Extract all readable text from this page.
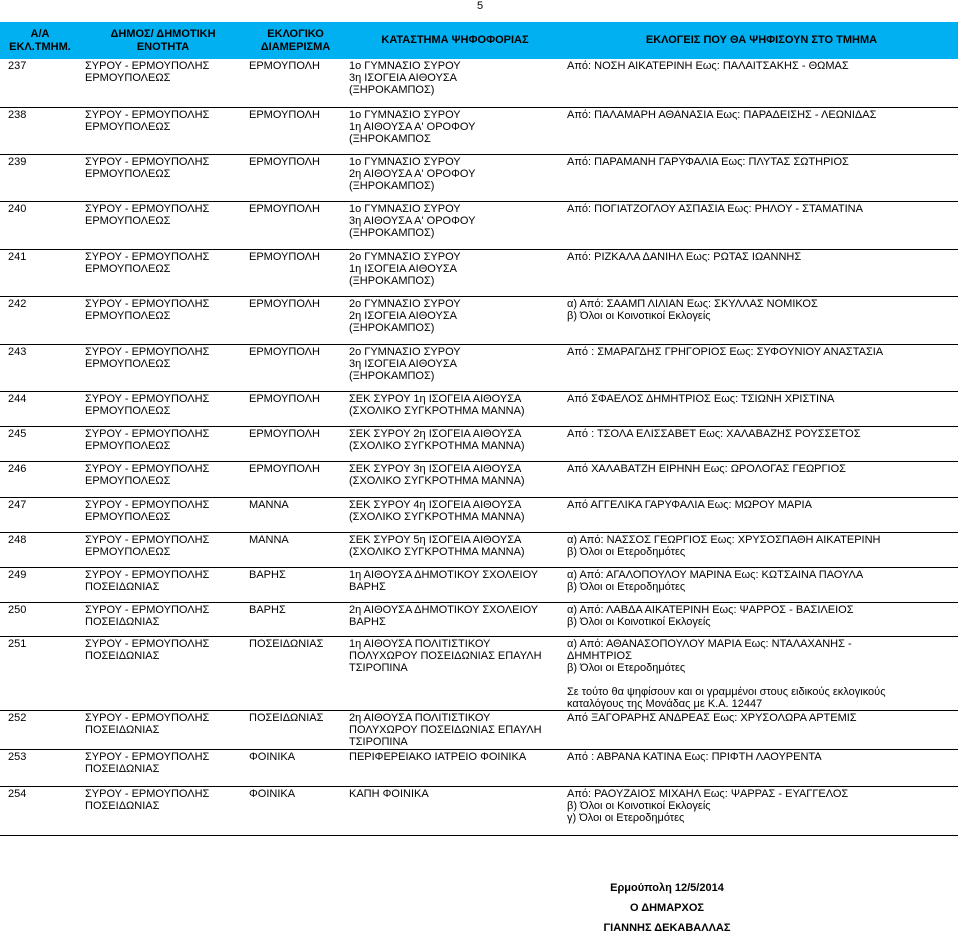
5
Α/Α
ΕΚΛ.ΤΜΗΜ.	ΔΗΜΟΣ/ ΔΗΜΟΤΙΚΗ
ΕΝΟΤΗΤΑ	ΕΚΛΟΓΙΚΟ
ΔΙΑΜΕΡΙΣΜΑ	ΚΑΤΑΣΤΗΜΑ ΨΗΦΟΦΟΡΙΑΣ	ΕΚΛΟΓΕΙΣ ΠΟΥ ΘΑ ΨΗΦΙΣΟΥΝ ΣΤΟ ΤΜΗΜΑ
237	ΣΥΡΟΥ - ΕΡΜΟΥΠΟΛΗΣ
ΕΡΜΟΥΠΟΛΕΩΣ	ΕΡΜΟΥΠΟΛΗ	1ο ΓΥΜΝΑΣΙΟ ΣΥΡΟΥ
3η ΙΣΟΓΕΙΑ ΑΙΘΟΥΣΑ
(ΞΗΡΟΚΑΜΠΟΣ)	Από: ΝΟΣΗ ΑΙΚΑΤΕΡΙΝΗ Εως: ΠΑΛΑΙΤΣΑΚΗΣ - ΘΩΜΑΣ

238	ΣΥΡΟΥ - ΕΡΜΟΥΠΟΛΗΣ
ΕΡΜΟΥΠΟΛΕΩΣ	ΕΡΜΟΥΠΟΛΗ	1ο ΓΥΜΝΑΣΙΟ ΣΥΡΟΥ
1η ΑΙΘΟΥΣΑ Α' ΟΡΟΦΟΥ
(ΞΗΡΟΚΑΜΠΟΣ	Από: ΠΑΛΑΜΑΡΗ ΑΘΑΝΑΣΙΑ Εως: ΠΑΡΑΔΕΙΣΗΣ - ΛΕΩΝΙΔΑΣ

239	ΣΥΡΟΥ - ΕΡΜΟΥΠΟΛΗΣ
ΕΡΜΟΥΠΟΛΕΩΣ	ΕΡΜΟΥΠΟΛΗ	1ο ΓΥΜΝΑΣΙΟ ΣΥΡΟΥ
2η ΑΙΘΟΥΣΑ Α' ΟΡΟΦΟΥ
(ΞΗΡΟΚΑΜΠΟΣ)	Από: ΠΑΡΑΜΑΝΗ ΓΑΡΥΦΑΛΙΑ Εως: ΠΛΥΤΑΣ ΣΩΤΗΡΙΟΣ

240	ΣΥΡΟΥ - ΕΡΜΟΥΠΟΛΗΣ
ΕΡΜΟΥΠΟΛΕΩΣ	ΕΡΜΟΥΠΟΛΗ	1ο ΓΥΜΝΑΣΙΟ ΣΥΡΟΥ
3η ΑΙΘΟΥΣΑ Α' ΟΡΟΦΟΥ
(ΞΗΡΟΚΑΜΠΟΣ)	Από: ΠΟΓΙΑΤΖΟΓΛΟΥ ΑΣΠΑΣΙΑ Εως: ΡΗΛΟΥ - ΣΤΑΜΑΤΙΝΑ

241	ΣΥΡΟΥ - ΕΡΜΟΥΠΟΛΗΣ
ΕΡΜΟΥΠΟΛΕΩΣ	ΕΡΜΟΥΠΟΛΗ	2ο ΓΥΜΝΑΣΙΟ ΣΥΡΟΥ
1η ΙΣΟΓΕΙΑ ΑΙΘΟΥΣΑ
(ΞΗΡΟΚΑΜΠΟΣ)	Από: ΡΙΖΚΑΛΑ ΔΑΝΙΗΛ Εως: ΡΩΤΑΣ ΙΩΑΝΝΗΣ

242	ΣΥΡΟΥ - ΕΡΜΟΥΠΟΛΗΣ
ΕΡΜΟΥΠΟΛΕΩΣ	ΕΡΜΟΥΠΟΛΗ	2ο ΓΥΜΝΑΣΙΟ ΣΥΡΟΥ
2η ΙΣΟΓΕΙΑ ΑΙΘΟΥΣΑ
(ΞΗΡΟΚΑΜΠΟΣ)	α) Από: ΣΑΑΜΠ ΛΙΛΙΑΝ Εως: ΣΚΥΛΛΑΣ ΝΟΜΙΚΟΣ
β) Όλοι οι Κοινοτικοί Εκλογείς

243	ΣΥΡΟΥ - ΕΡΜΟΥΠΟΛΗΣ
ΕΡΜΟΥΠΟΛΕΩΣ	ΕΡΜΟΥΠΟΛΗ	2ο ΓΥΜΝΑΣΙΟ ΣΥΡΟΥ
3η ΙΣΟΓΕΙΑ ΑΙΘΟΥΣΑ
(ΞΗΡΟΚΑΜΠΟΣ)	Από : ΣΜΑΡΑΓΔΗΣ ΓΡΗΓΟΡΙΟΣ Εως: ΣΥΦΟΥΝΙΟΥ ΑΝΑΣΤΑΣΙΑ

244	ΣΥΡΟΥ - ΕΡΜΟΥΠΟΛΗΣ
ΕΡΜΟΥΠΟΛΕΩΣ	ΕΡΜΟΥΠΟΛΗ	ΣΕΚ ΣΥΡΟΥ 1η ΙΣΟΓΕΙΑ ΑΙΘΟΥΣΑ
(ΣΧΟΛΙΚΟ ΣΥΓΚΡΟΤΗΜΑ ΜΑΝΝΑ)	Από ΣΦΑΕΛΟΣ ΔΗΜΗΤΡΙΟΣ Εως: ΤΣΙΩΝΗ ΧΡΙΣΤΙΝΑ

245	ΣΥΡΟΥ - ΕΡΜΟΥΠΟΛΗΣ
ΕΡΜΟΥΠΟΛΕΩΣ	ΕΡΜΟΥΠΟΛΗ	ΣΕΚ ΣΥΡΟΥ 2η ΙΣΟΓΕΙΑ ΑΙΘΟΥΣΑ
(ΣΧΟΛΙΚΟ ΣΥΓΚΡΟΤΗΜΑ ΜΑΝΝΑ)	Από : ΤΣΟΛΑ ΕΛΙΣΣΑΒΕΤ Εως: ΧΑΛΑΒΑΖΗΣ ΡΟΥΣΣΕΤΟΣ

246	ΣΥΡΟΥ - ΕΡΜΟΥΠΟΛΗΣ
ΕΡΜΟΥΠΟΛΕΩΣ	ΕΡΜΟΥΠΟΛΗ	ΣΕΚ ΣΥΡΟΥ 3η ΙΣΟΓΕΙΑ ΑΙΘΟΥΣΑ
(ΣΧΟΛΙΚΟ ΣΥΓΚΡΟΤΗΜΑ ΜΑΝΝΑ)	Από ΧΑΛΑΒΑΤΖΗ ΕΙΡΗΝΗ Εως: ΩΡΟΛΟΓΑΣ ΓΕΩΡΓΙΟΣ

247	ΣΥΡΟΥ - ΕΡΜΟΥΠΟΛΗΣ
ΕΡΜΟΥΠΟΛΕΩΣ	ΜΑΝΝΑ	ΣΕΚ ΣΥΡΟΥ 4η ΙΣΟΓΕΙΑ ΑΙΘΟΥΣΑ
(ΣΧΟΛΙΚΟ ΣΥΓΚΡΟΤΗΜΑ ΜΑΝΝΑ)	Από ΑΓΓΕΛΙΚΑ ΓΑΡΥΦΑΛΙΑ Εως: ΜΩΡΟΥ ΜΑΡΙΑ

248	ΣΥΡΟΥ - ΕΡΜΟΥΠΟΛΗΣ
ΕΡΜΟΥΠΟΛΕΩΣ	ΜΑΝΝΑ	ΣΕΚ ΣΥΡΟΥ 5η ΙΣΟΓΕΙΑ ΑΙΘΟΥΣΑ
(ΣΧΟΛΙΚΟ ΣΥΓΚΡΟΤΗΜΑ ΜΑΝΝΑ)	α) Από: ΝΑΣΣΟΣ ΓΕΩΡΓΙΟΣ Εως: ΧΡΥΣΟΣΠΑΘΗ ΑΙΚΑΤΕΡΙΝΗ
β) Όλοι οι Ετεροδημότες

249	ΣΥΡΟΥ - ΕΡΜΟΥΠΟΛΗΣ
ΠΟΣΕΙΔΩΝΙΑΣ	ΒΑΡΗΣ	1η ΑΙΘΟΥΣΑ ΔΗΜΟΤΙΚΟΥ ΣΧΟΛΕΙΟΥ
ΒΑΡΗΣ	α) Από: ΑΓΑΛΟΠΟΥΛΟΥ ΜΑΡΙΝΑ Εως: ΚΩΤΣΑΙΝΑ ΠΑΟΥΛΑ
β) Όλοι οι Ετεροδημότες

250	ΣΥΡΟΥ - ΕΡΜΟΥΠΟΛΗΣ
ΠΟΣΕΙΔΩΝΙΑΣ	ΒΑΡΗΣ	2η ΑΙΘΟΥΣΑ ΔΗΜΟΤΙΚΟΥ ΣΧΟΛΕΙΟΥ
ΒΑΡΗΣ	α) Από: ΛΑΒΔΑ ΑΙΚΑΤΕΡΙΝΗ Εως: ΨΑΡΡΟΣ - ΒΑΣΙΛΕΙΟΣ
β) Όλοι οι Κοινοτικοί Εκλογείς

251	ΣΥΡΟΥ - ΕΡΜΟΥΠΟΛΗΣ
ΠΟΣΕΙΔΩΝΙΑΣ	ΠΟΣΕΙΔΩΝΙΑΣ	1η ΑΙΘΟΥΣΑ ΠΟΛΙΤΙΣΤΙΚΟΥ
ΠΟΛΥΧΩΡΟΥ ΠΟΣΕΙΔΩΝΙΑΣ ΕΠΑΥΛΗ
ΤΣΙΡΟΠΙΝΑ	α) Από: ΑΘΑΝΑΣΟΠΟΥΛΟΥ ΜΑΡΙΑ Εως: ΝΤΑΛΑΧΑΝΗΣ -
ΔΗΜΗΤΡΙΟΣ
β) Όλοι οι Ετεροδημότες

Σε τούτο θα ψηφίσουν και οι γραμμένοι στους ειδικούς εκλογικούς
καταλόγους της Μονάδας με Κ.Α. 12447

252	ΣΥΡΟΥ - ΕΡΜΟΥΠΟΛΗΣ
ΠΟΣΕΙΔΩΝΙΑΣ	ΠΟΣΕΙΔΩΝΙΑΣ	2η ΑΙΘΟΥΣΑ ΠΟΛΙΤΙΣΤΙΚΟΥ
ΠΟΛΥΧΩΡΟΥ ΠΟΣΕΙΔΩΝΙΑΣ ΕΠΑΥΛΗ
ΤΣΙΡΟΠΙΝΑ	Από ΞΑΓΟΡΑΡΗΣ ΑΝΔΡΕΑΣ Εως: ΧΡΥΣΟΛΩΡΑ ΑΡΤΕΜΙΣ

253	ΣΥΡΟΥ - ΕΡΜΟΥΠΟΛΗΣ
ΠΟΣΕΙΔΩΝΙΑΣ	ΦΟΙΝΙΚΑ	ΠΕΡΙΦΕΡΕΙΑΚΟ ΙΑΤΡΕΙΟ ΦΟΙΝΙΚΑ	Από : ΑΒΡΑΝΑ ΚΑΤΙΝΑ Εως: ΠΡΙΦΤΗ ΛΑΟΥΡΕΝΤΑ

254	ΣΥΡΟΥ - ΕΡΜΟΥΠΟΛΗΣ
ΠΟΣΕΙΔΩΝΙΑΣ	ΦΟΙΝΙΚΑ	ΚΑΠΗ ΦΟΙΝΙΚΑ	Από: ΡΑΟΥΖΑΙΟΣ ΜΙΧΑΗΛ Εως: ΨΑΡΡΑΣ - ΕΥΑΓΓΕΛΟΣ
β) Όλοι οι Κοινοτικοί Εκλογείς
γ) Όλοι οι Ετεροδημότες
Ερμούπολη 12/5/2014
Ο ΔΗΜΑΡΧΟΣ
ΓΙΑΝΝΗΣ ΔΕΚΑΒΑΛΛΑΣ
